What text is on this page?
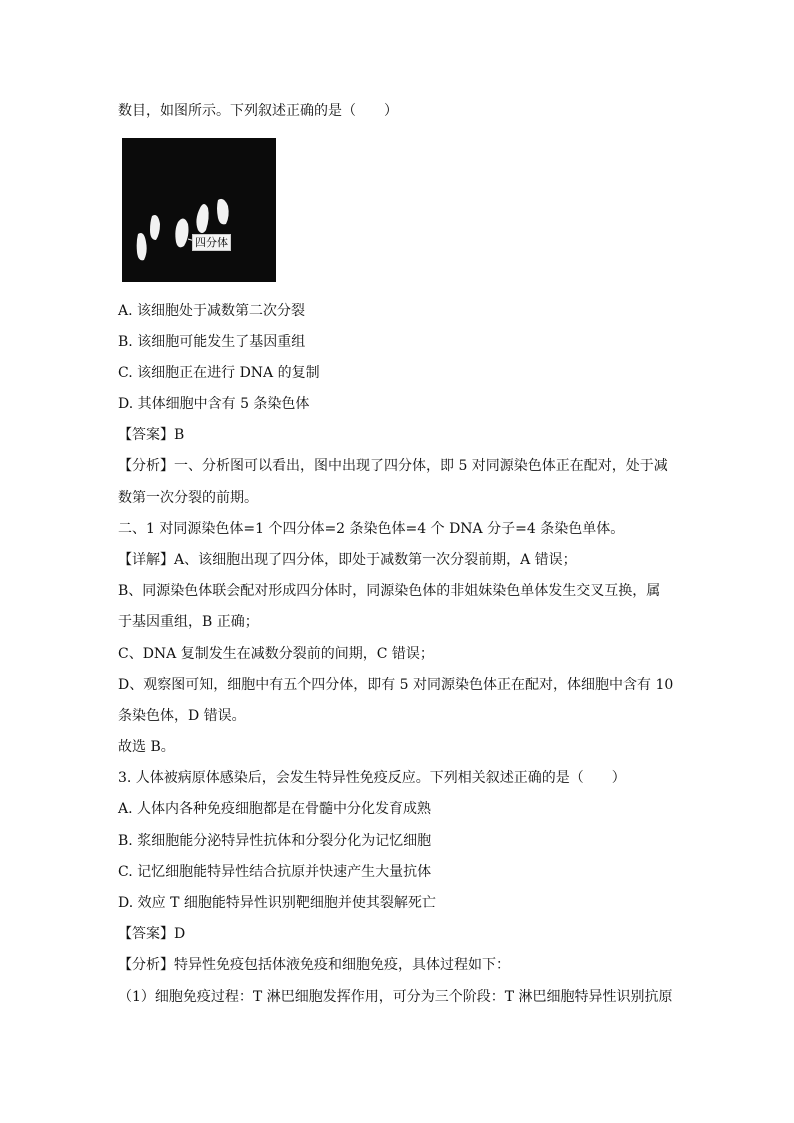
数目，如图所示。下列叙述正确的是（　　）
四分体
A. 该细胞处于减数第二次分裂
B. 该细胞可能发生了基因重组
C. 该细胞正在进行 DNA 的复制
D. 其体细胞中含有 5 条染色体
【答案】B
【分析】一、分析图可以看出，图中出现了四分体，即 5 对同源染色体正在配对，处于减
数第一次分裂的前期。
二、1 对同源染色体=1 个四分体=2 条染色体=4 个 DNA 分子=4 条染色单体。
【详解】A、该细胞出现了四分体，即处于减数第一次分裂前期，A 错误；
B、同源染色体联会配对形成四分体时，同源染色体的非姐妹染色单体发生交叉互换，属
于基因重组，B 正确；
C、DNA 复制发生在减数分裂前的间期，C 错误；
D、观察图可知，细胞中有五个四分体，即有 5 对同源染色体正在配对，体细胞中含有 10
条染色体，D 错误。
故选 B。
3. 人体被病原体感染后，会发生特异性免疫反应。下列相关叙述正确的是（　　）
A. 人体内各种免疫细胞都是在骨髓中分化发育成熟
B. 浆细胞能分泌特异性抗体和分裂分化为记忆细胞
C. 记忆细胞能特异性结合抗原并快速产生大量抗体
D. 效应 T 细胞能特异性识别靶细胞并使其裂解死亡
【答案】D
【分析】特异性免疫包括体液免疫和细胞免疫，具体过程如下：
（1）细胞免疫过程：T 淋巴细胞发挥作用，可分为三个阶段：T 淋巴细胞特异性识别抗原
